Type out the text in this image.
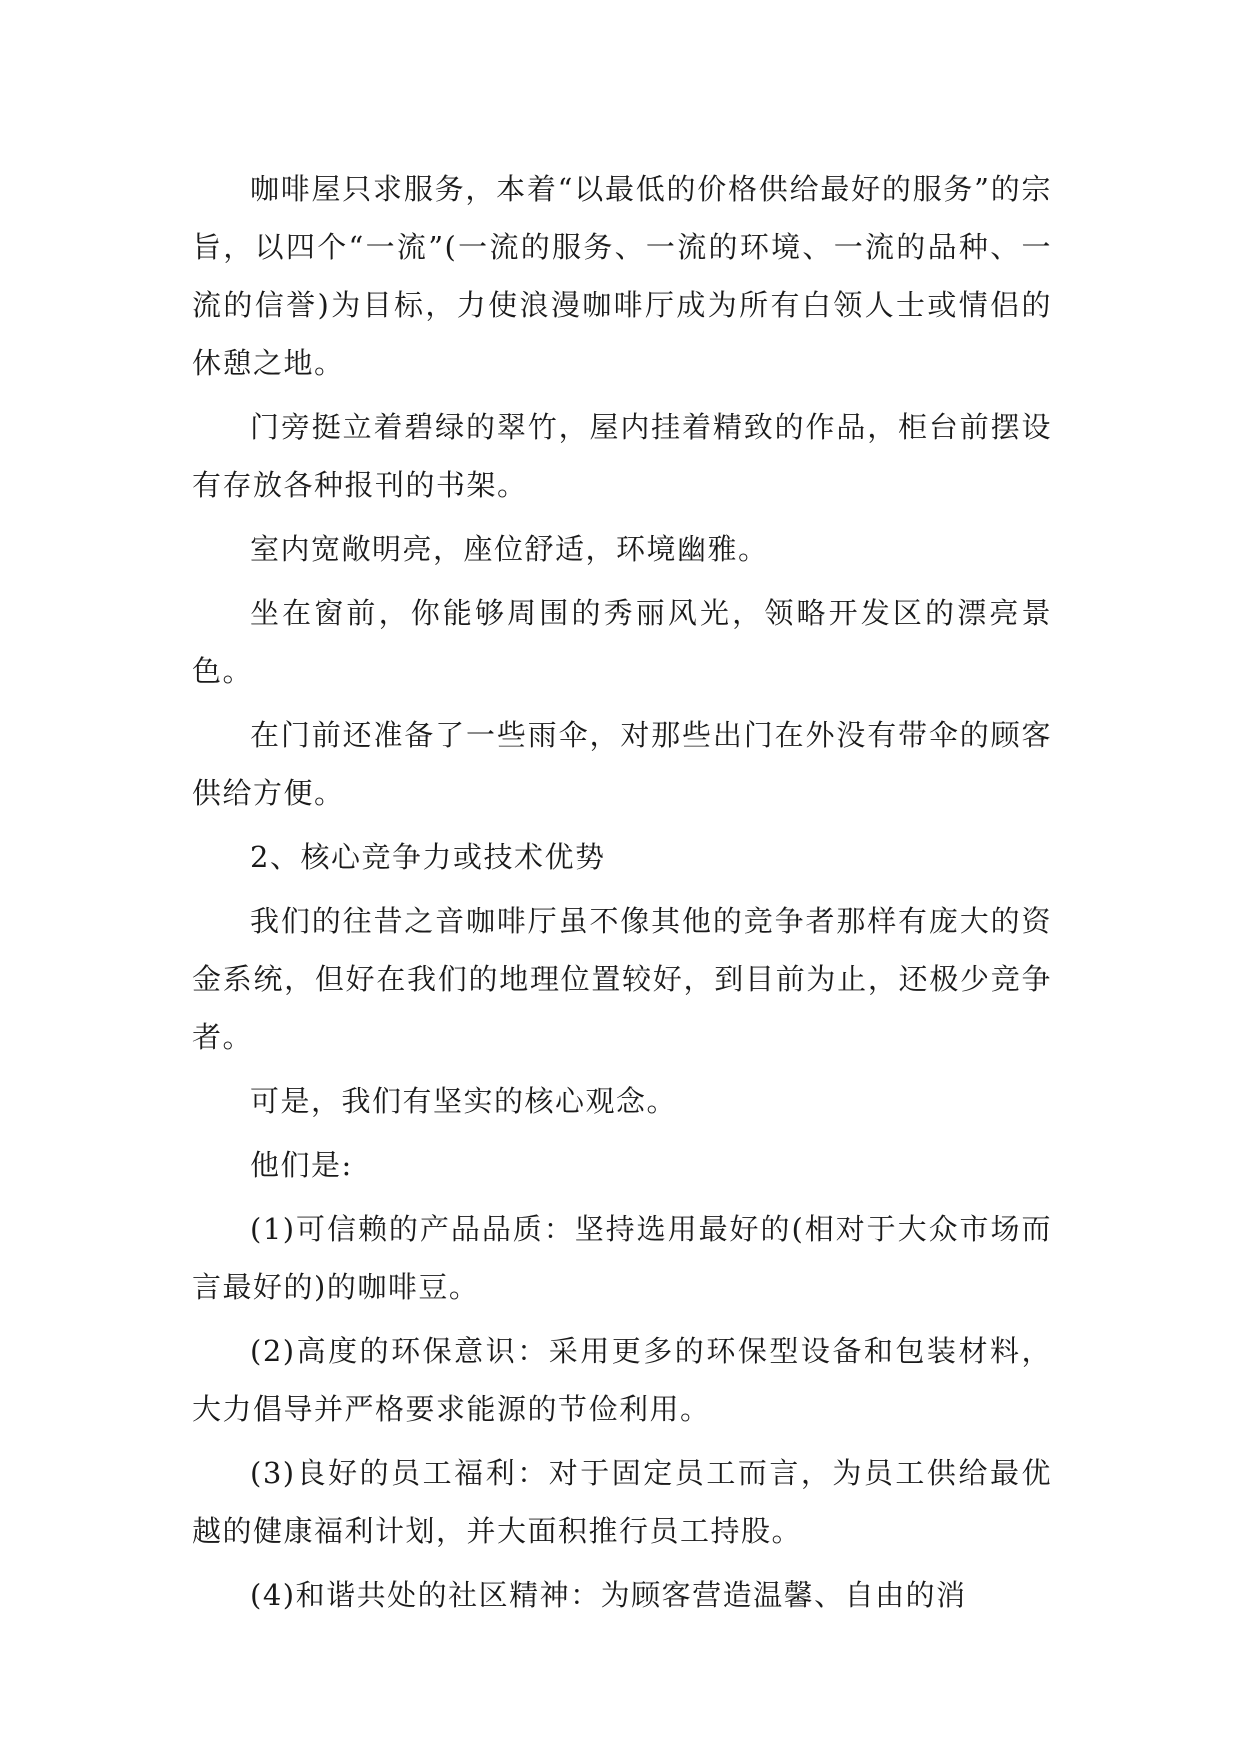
咖啡屋只求服务，本着“以最低的价格供给最好的服务”的宗旨，以四个“一流”(一流的服务、一流的环境、一流的品种、一流的信誉)为目标，力使浪漫咖啡厅成为所有白领人士或情侣的休憩之地。

门旁挺立着碧绿的翠竹，屋内挂着精致的作品，柜台前摆设有存放各种报刊的书架。

室内宽敞明亮，座位舒适，环境幽雅。

坐在窗前，你能够周围的秀丽风光，领略开发区的漂亮景色。

在门前还准备了一些雨伞，对那些出门在外没有带伞的顾客供给方便。

2、核心竞争力或技术优势

我们的往昔之音咖啡厅虽不像其他的竞争者那样有庞大的资金系统，但好在我们的地理位置较好，到目前为止，还极少竞争者。

可是，我们有坚实的核心观念。

他们是:

(1)可信赖的产品品质：坚持选用最好的(相对于大众市场而言最好的)的咖啡豆。

(2)高度的环保意识：采用更多的环保型设备和包装材料，大力倡导并严格要求能源的节俭利用。

(3)良好的员工福利：对于固定员工而言，为员工供给最优越的健康福利计划，并大面积推行员工持股。

(4)和谐共处的社区精神：为顾客营造温馨、自由的消
